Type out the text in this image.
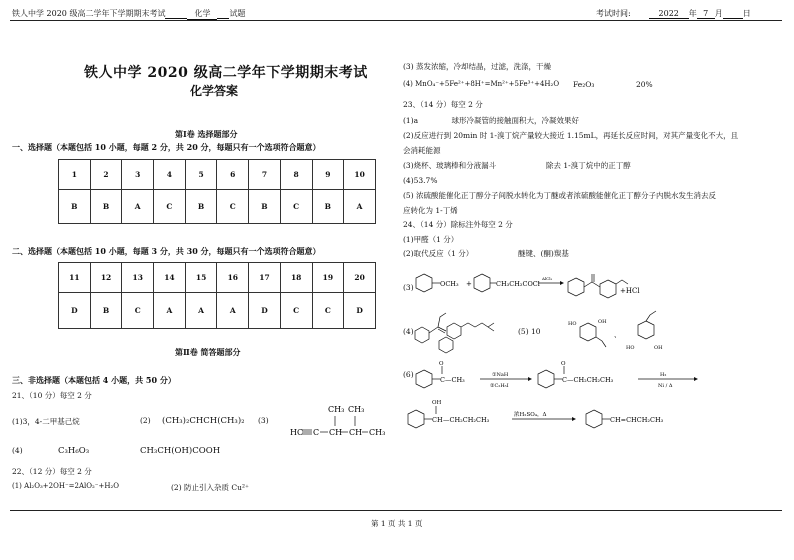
铁人中学 2020 级高二学年下学期期末考试	化学 试题	考试时间:	2022 年 7 月	日
铁人中学 2020 级高二学年下学期期末考试
化学答案
第Ⅰ卷 选择题部分
一、选择题（本题包括 10 小题，每题 2 分，共 20 分，每题只有一个选项符合题意）
1	2	3	4	5	6	7	8	9	10
B	B	A	C	B	C	B	C	B	A
二、选择题（本题包括 10 小题，每题 3 分，共 30 分，每题只有一个选项符合题意）
11	12	13	14	15	16	17	18	19	20
D	B	C	A	A	A	D	C	C	D
第Ⅱ卷 简答题部分
三、非选择题（本题包括 4 小题，共 50 分）
21、（10 分）每空 2 分
(1)3，4-二甲基己烷	(2) (CH₃)₂CHCH(CH₃)₂ (3)
HC C CH
CH₃
CH
CH₃
CH₃
(4)	C₃H₆O₃	CH₃CH(OH)COOH
22、（12 分）每空 2 分
(1) Al₂O₃+2OH⁻=2AlO₂⁻+H₂O	(2) 防止引入杂质 Cu²⁺
(3) 蒸发浓缩，冷却结晶，过滤，洗涤，干燥
(4) MnO₄⁻+5Fe²⁺+8H⁺=Mn²⁺+5Fe³⁺+4H₂O Fe₂O₃	20%
23、（14 分）每空 2 分
(1)a              球形冷凝管的接触面积大，冷凝效果好
(2)反应进行到 20min 时 1-溴丁烷产量较大接近 1.15mL，再延长反应时间，对其产量变化不大，且
会消耗能源
(3)烧杯、玻璃棒和分液漏斗	除去 1-溴丁烷中的正丁醇
(4)53.7%
(5) 浓硫酸能催化正丁醇分子间脱水转化为丁醚或者浓硫酸能催化正丁醇分子内脱水发生消去反
应转化为 1-丁烯
24、（14 分）除标注外每空 2 分
(1)甲醛（1 分）
(2)取代反应（1 分）	醚键、(酮)羰基
(3)	OCH₃ +	CH₃CH₂COCl
AlCl₃
+HCl
(4)	(5) 10
HO	OH
、
HO	OH
(6)
C
O
—CH₃
①NaH
②C₂H₅I
C
O
—CH₂CH₂CH₃
H₂
Ni / Δ
CH
OH
—CH₂CH₂CH₃
浓H₂SO₄，Δ
CH=CHCH₂CH₃
第 1 页 共 1 页
